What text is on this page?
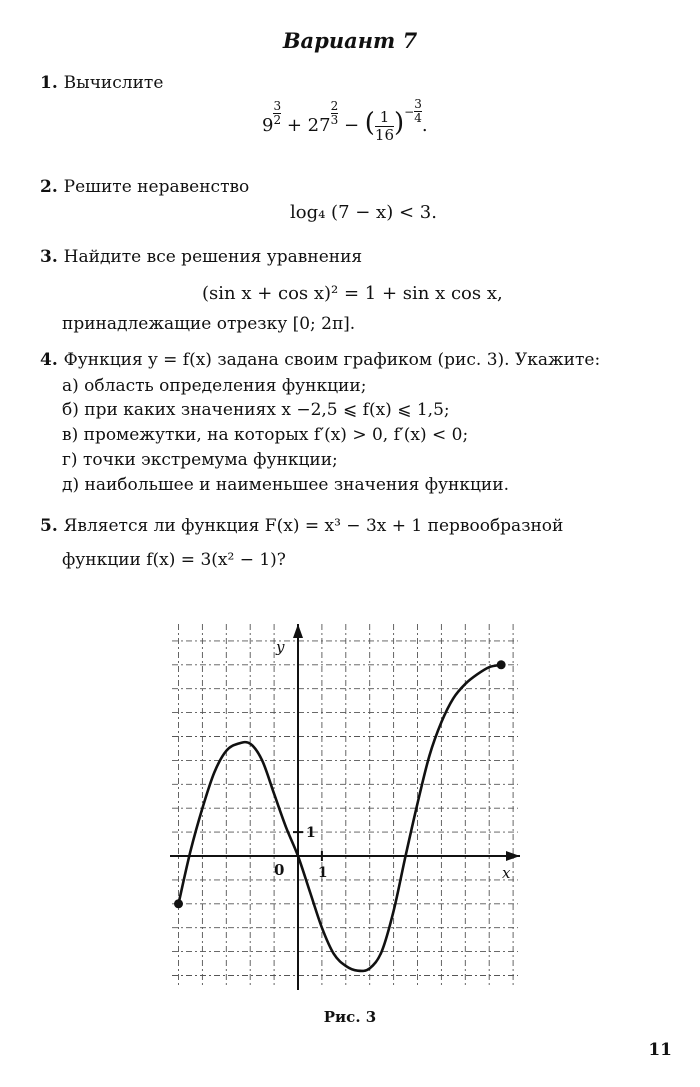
Вариант 7
1. Вычислите
$9 \frac{3}{2} + 27 \frac{2}{3}$ − ( $\frac{1}{16}$ ) − $\frac{3}{4}$
.
2. Решите неравенство
log₄ (7 − x) < 3.
3. Найдите все решения уравнения
(sin x + cos x)² = 1 + sin x cos x,
принадлежащие отрезку [0; 2π].
4. Функция y = f(x) задана своим графиком (рис. 3). Укажите:
а) область определения функции;
б) при каких значениях x −2,5 ⩽ f(x) ⩽ 1,5;
в) промежутки, на которых f′(x) > 0, f′(x) < 0;
г) точки экстремума функции;
д) наибольшее и наименьшее значения функции.
5. Является ли функция F(x) = x³ − 3x + 1 первообразной
функции f(x) = 3(x² − 1)?
y
x
0 1
1
Рис. 3
11
